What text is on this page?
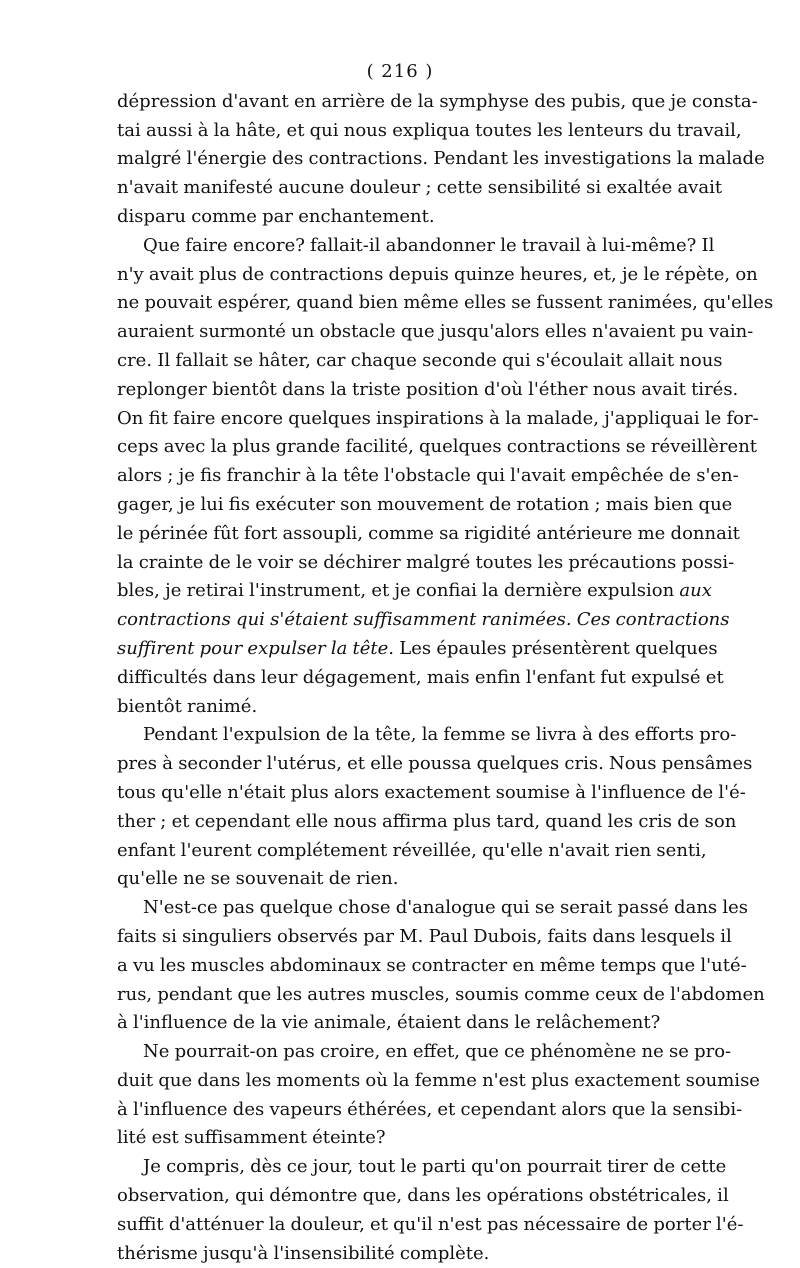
( 216 )

dépression d'avant en arrière de la symphyse des pubis, que je consta-
tai aussi à la hâte, et qui nous expliqua toutes les lenteurs du travail,
malgré l'énergie des contractions. Pendant les investigations la malade
n'avait manifesté aucune douleur ; cette sensibilité si exaltée avait
disparu comme par enchantement.

Que faire encore? fallait-il abandonner le travail à lui-même? Il
n'y avait plus de contractions depuis quinze heures, et, je le répète, on
ne pouvait espérer, quand bien même elles se fussent ranimées, qu'elles
auraient surmonté un obstacle que jusqu'alors elles n'avaient pu vain-
cre. Il fallait se hâter, car chaque seconde qui s'écoulait allait nous
replonger bientôt dans la triste position d'où l'éther nous avait tirés.
On fit faire encore quelques inspirations à la malade, j'appliquai le for-
ceps avec la plus grande facilité, quelques contractions se réveillèrent
alors ; je fis franchir à la tête l'obstacle qui l'avait empêchée de s'en-
gager, je lui fis exécuter son mouvement de rotation ; mais bien que
le périnée fût fort assoupli, comme sa rigidité antérieure me donnait
la crainte de le voir se déchirer malgré toutes les précautions possi-
bles, je retirai l'instrument, et je confiai la dernière expulsion aux
contractions qui s'étaient suffisamment ranimées. Ces contractions
suffirent pour expulser la tête. Les épaules présentèrent quelques
difficultés dans leur dégagement, mais enfin l'enfant fut expulsé et
bientôt ranimé.

Pendant l'expulsion de la tête, la femme se livra à des efforts pro-
pres à seconder l'utérus, et elle poussa quelques cris. Nous pensâmes
tous qu'elle n'était plus alors exactement soumise à l'influence de l'é-
ther ; et cependant elle nous affirma plus tard, quand les cris de son
enfant l'eurent complétement réveillée, qu'elle n'avait rien senti,
qu'elle ne se souvenait de rien.

N'est-ce pas quelque chose d'analogue qui se serait passé dans les
faits si singuliers observés par M. Paul Dubois, faits dans lesquels il
a vu les muscles abdominaux se contracter en même temps que l'uté-
rus, pendant que les autres muscles, soumis comme ceux de l'abdomen
à l'influence de la vie animale, étaient dans le relâchement?

Ne pourrait-on pas croire, en effet, que ce phénomène ne se pro-
duit que dans les moments où la femme n'est plus exactement soumise
à l'influence des vapeurs éthérées, et cependant alors que la sensibi-
lité est suffisamment éteinte?

Je compris, dès ce jour, tout le parti qu'on pourrait tirer de cette
observation, qui démontre que, dans les opérations obstétricales, il
suffit d'atténuer la douleur, et qu'il n'est pas nécessaire de porter l'é-
thérisme jusqu'à l'insensibilité complète.
